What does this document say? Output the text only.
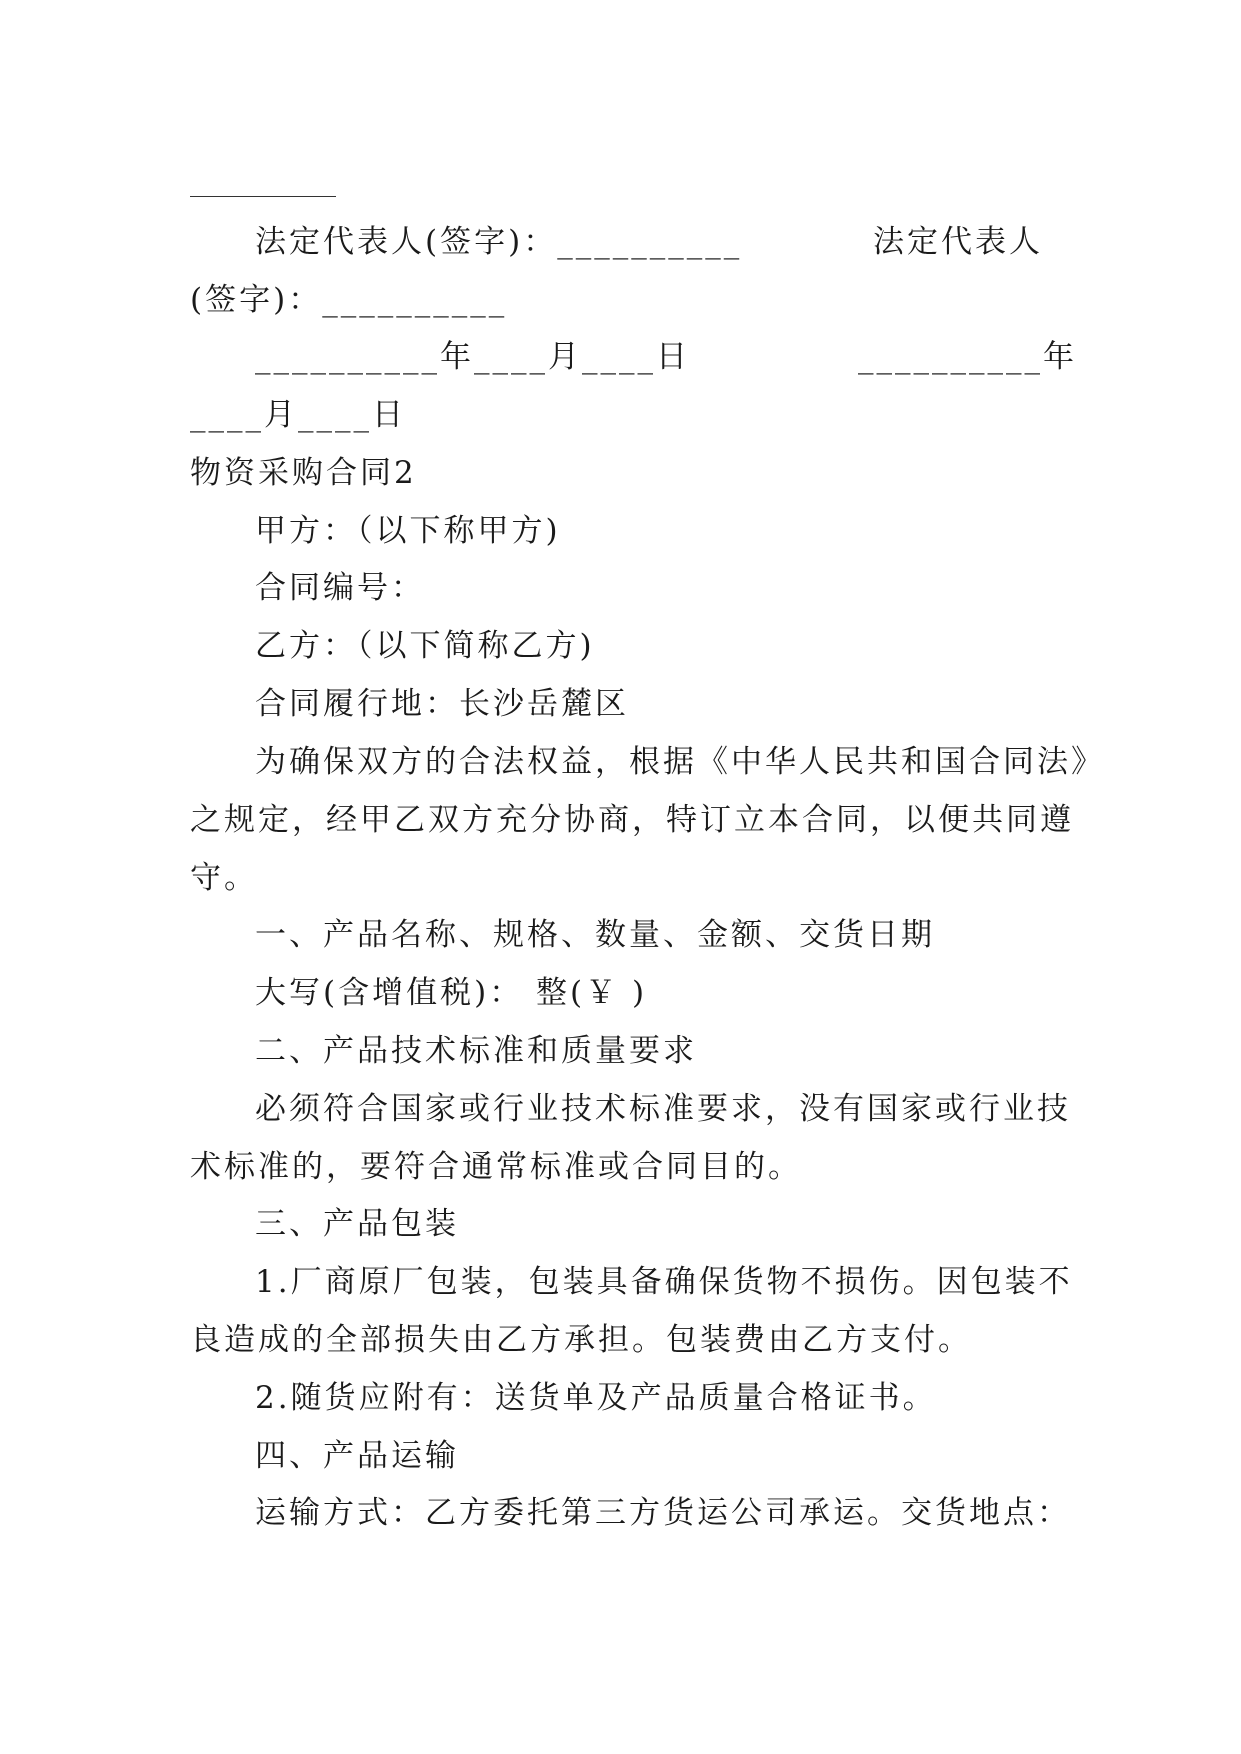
法定代表人(签字)：__________	法定代表人
(签字)：__________
__________年____月____日	__________年
____月____日
物资采购合同2
甲方：（以下称甲方)
合同编号：
乙方：（以下简称乙方)
合同履行地：长沙岳麓区
为确保双方的合法权益，根据《中华人民共和国合同法》
之规定，经甲乙双方充分协商，特订立本合同，以便共同遵
守。
一、产品名称、规格、数量、金额、交货日期
大写(含增值税)： 整(￥ )
二、产品技术标准和质量要求
必须符合国家或行业技术标准要求，没有国家或行业技
术标准的，要符合通常标准或合同目的。
三、产品包装
1.厂商原厂包装，包装具备确保货物不损伤。因包装不
良造成的全部损失由乙方承担。包装费由乙方支付。
2.随货应附有：送货单及产品质量合格证书。
四、产品运输
运输方式：乙方委托第三方货运公司承运。交货地点：
